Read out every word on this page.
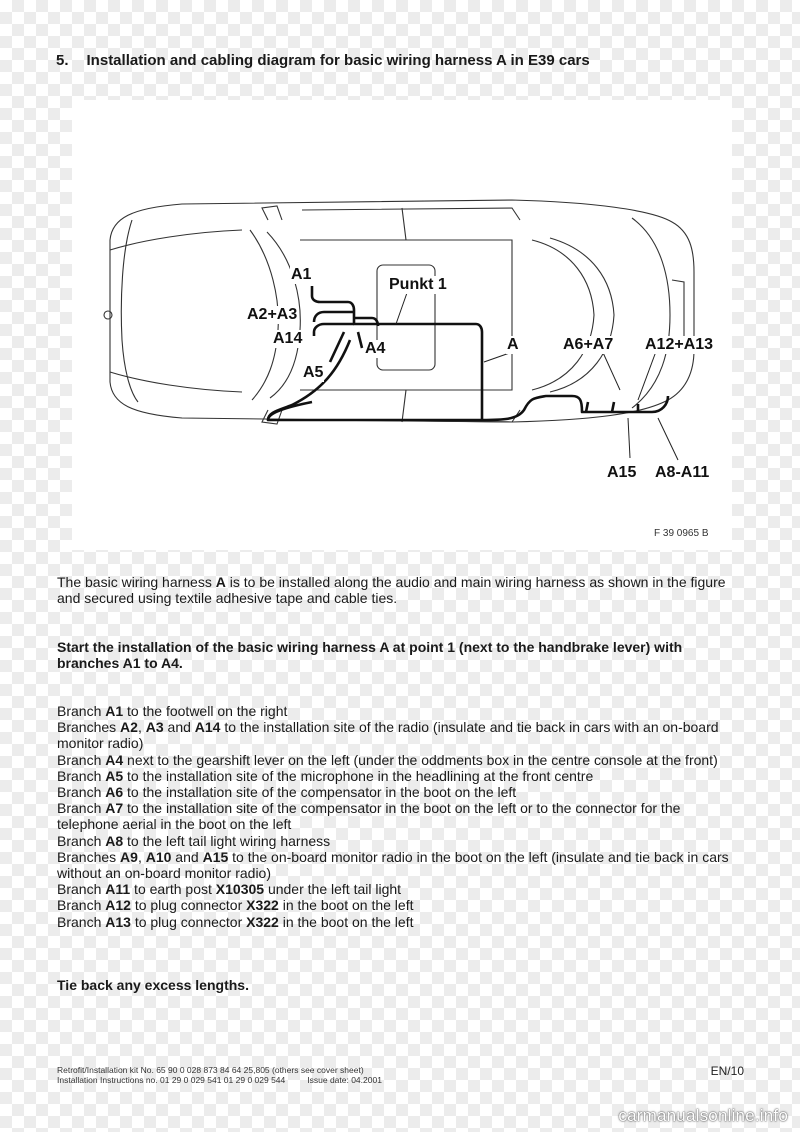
5. Installation and cabling diagram for basic wiring harness A in E39 cars
A1
Punkt 1
A2+A3
A14
A4
A5
A	A6+A7 A12+A13
A15 A8-A11
F 39 0965 B
The basic wiring harness A is to be installed along the audio and main wiring harness as shown in the figure and secured using textile adhesive tape and cable ties.
Start the installation of the basic wiring harness A at point 1 (next to the handbrake lever) with branches A1 to A4.
Branch A1 to the footwell on the right
Branches A2, A3 and A14 to the installation site of the radio (insulate and tie back in cars with an on-board monitor radio)
Branch A4 next to the gearshift lever on the left (under the oddments box in the centre console at the front)
Branch A5 to the installation site of the microphone in the headlining at the front centre
Branch A6 to the installation site of the compensator in the boot on the left
Branch A7 to the installation site of the compensator in the boot on the left or to the connector for the telephone aerial in the boot on the left
Branch A8 to the left tail light wiring harness
Branches A9, A10 and A15 to the on-board monitor radio in the boot on the left (insulate and tie back in cars without an on-board monitor radio)
Branch A11 to earth post X10305 under the left tail light
Branch A12 to plug connector X322 in the boot on the left
Branch A13 to plug connector X322 in the boot on the left
Tie back any excess lengths.
Retrofit/Installation kit No. 65 90 0 028 873 84 64 25,805 (others see cover sheet)
Installation Instructions no. 01 29 0 029 541 01 29 0 029 544	Issue date: 04.2001
EN/10
carmanualsonline.info
